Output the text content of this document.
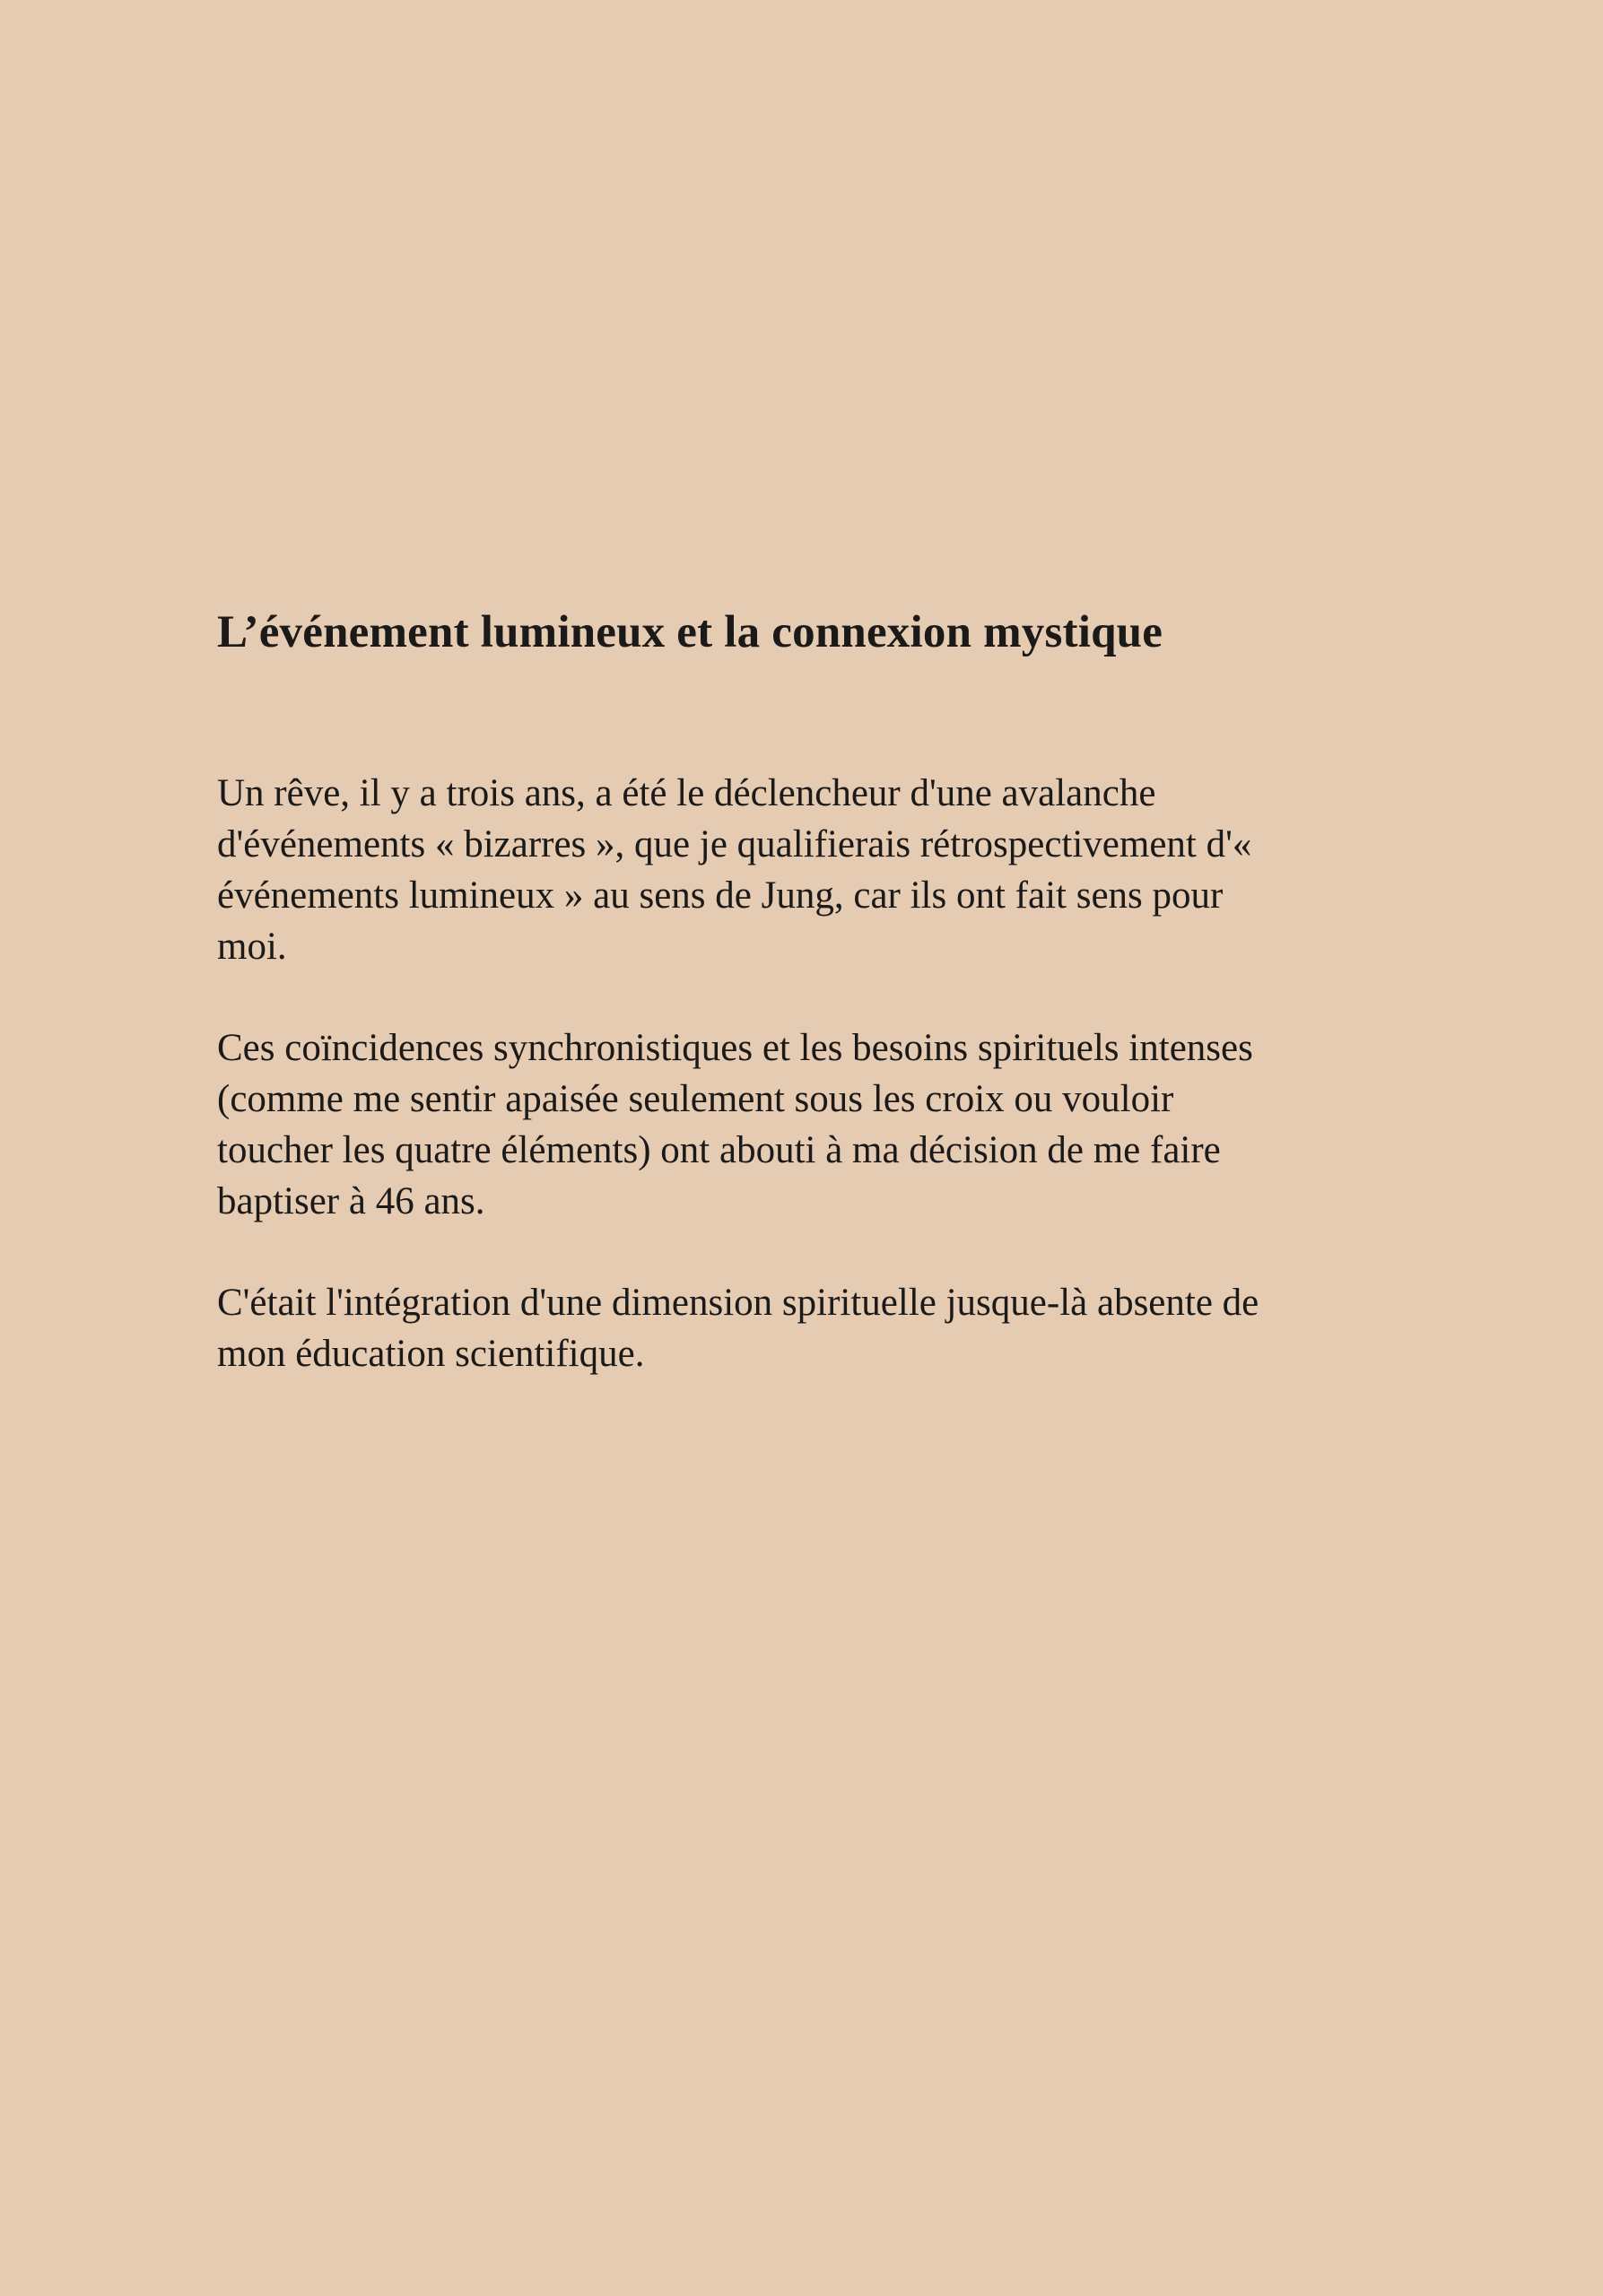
L’événement lumineux et la connexion mystique

Un rêve, il y a trois ans, a été le déclencheur d'une avalanche d'événements « bizarres », que je qualifierais rétrospectivement d'« événements lumineux » au sens de Jung, car ils ont fait sens pour moi.

Ces coïncidences synchronistiques et les besoins spirituels intenses (comme me sentir apaisée seulement sous les croix ou vouloir toucher les quatre éléments) ont abouti à ma décision de me faire baptiser à 46 ans.

C'était l'intégration d'une dimension spirituelle jusque-là absente de mon éducation scientifique.
